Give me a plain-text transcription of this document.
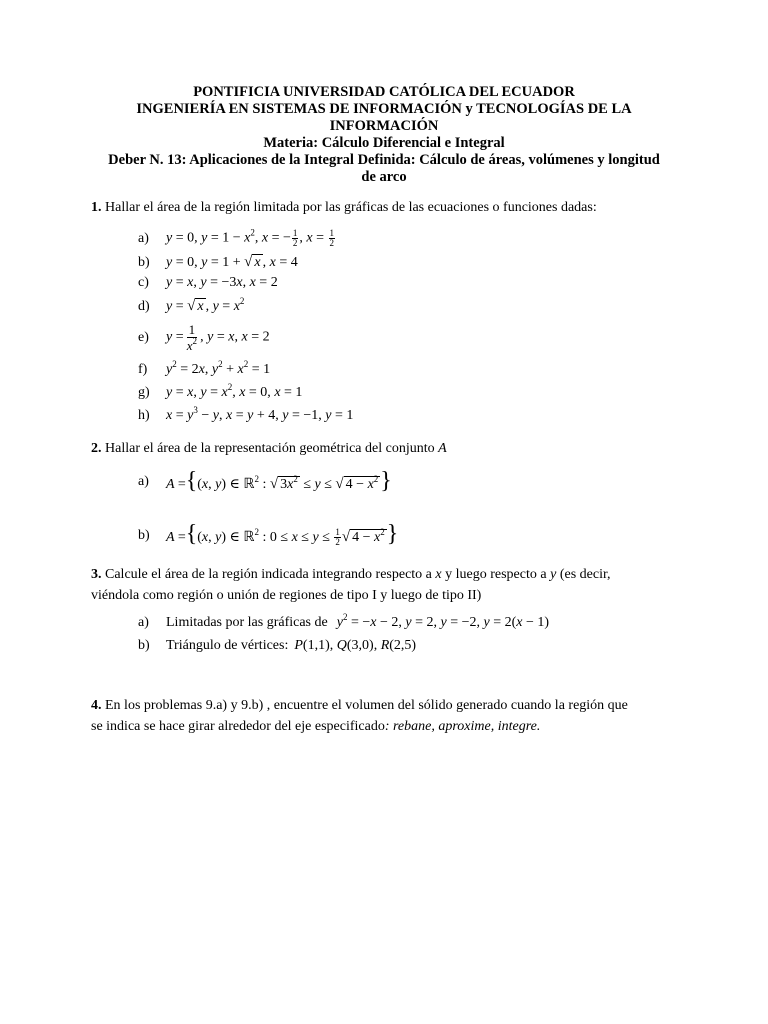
PONTIFICIA UNIVERSIDAD CATÓLICA DEL ECUADOR
INGENIERÍA EN SISTEMAS DE INFORMACIÓN y TECNOLOGÍAS DE LA
INFORMACIÓN
Materia: Cálculo Diferencial e Integral
Deber N. 13: Aplicaciones de la Integral Definida: Cálculo de áreas, volúmenes y longitud
de arco
1. Hallar el área de la región limitada por las gráficas de las ecuaciones o funciones dadas:
a)	y = 0, $y = 1 - x^2$, x = − $\frac{1}{2}$ , $x = \frac{1}{2}$
b)	y = 0, y = 1 + √ x , x = 4
c)	y = x, y = −3x, x = 2
d)	y = √ x , $y = x^2$
e)	$y = \frac{1}{x^2}$ , y = x, x = 2
f)	$y^2 = 2x$, $y^2 + x^2 = 1$
g)	y = x, $y = x^2$, x = 0, x = 1
h)	$x = y^3 - y$, x = y + 4, y = −1, y = 1
2. Hallar el área de la representación geométrica del conjunto A
a)	A ={(x, y) ∈ ℝ$^2$ : √ $3x^2 \le y$ ≤ √ $4 - x^2$ }
b)	A ={(x, y) ∈ ℝ$^2$ : $0 \le x \le y \le \frac{1}{2}$ √ $4 - x^2$ }
3. Calcule el área de la región indicada integrando respecto a x y luego respecto a y (es decir,
viéndola como región o unión de regiones de tipo I y luego de tipo II)
a)	Limitadas por las gráficas de $y^2 = -x - 2$, y = 2, y = −2, y = 2(x − 1)
b)	Triángulo de vértices: P(1,1), Q(3,0), R(2,5)
4. En los problemas 9.a) y 9.b) , encuentre el volumen del sólido generado cuando la región que
se indica se hace girar alrededor del eje especificado: rebane, aproxime, integre.
